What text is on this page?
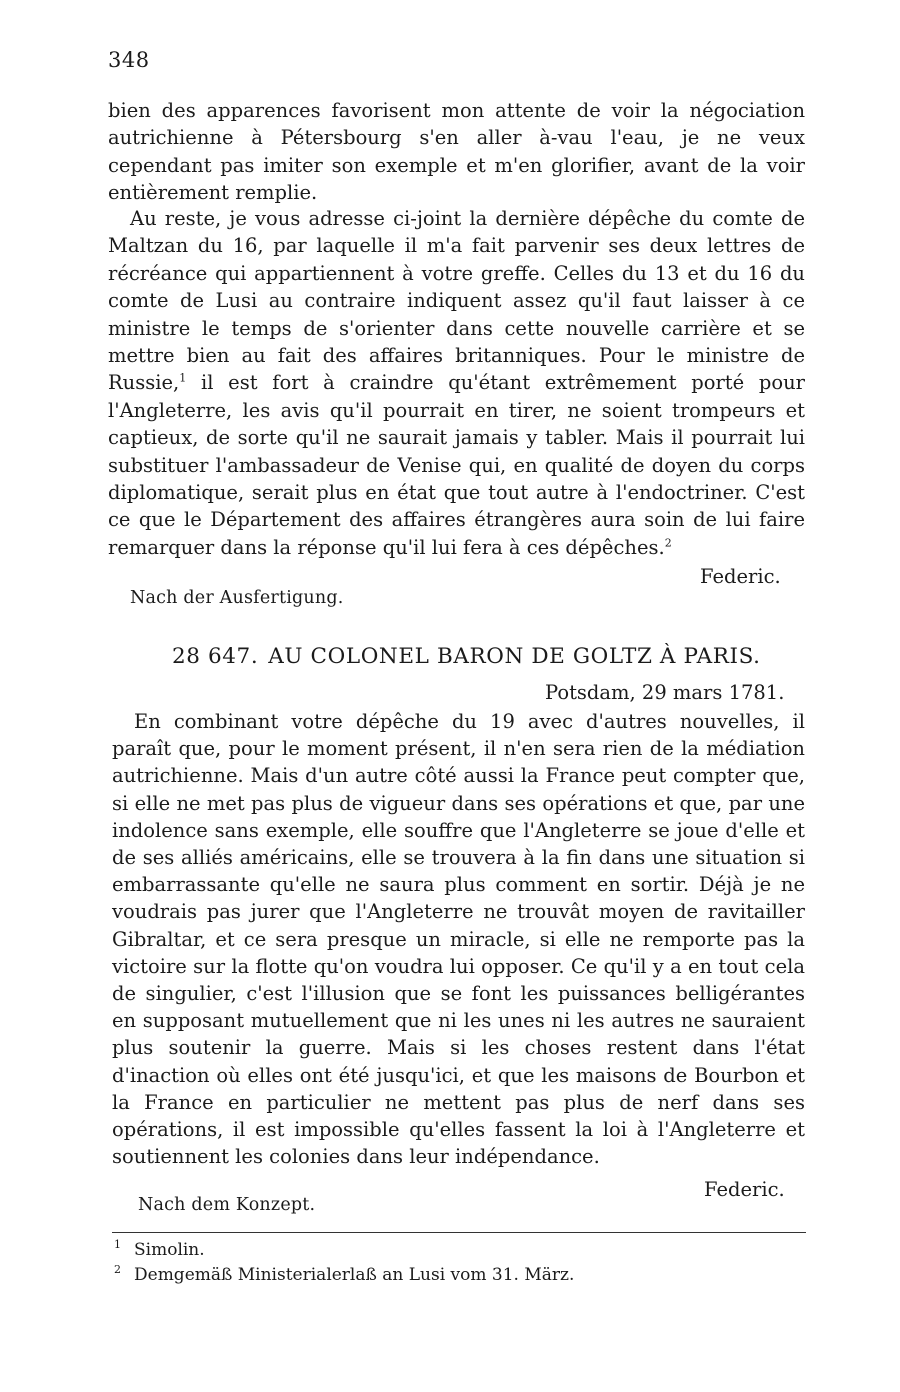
348
bien des apparences favorisent mon attente de voir la négociation autrichienne à Pétersbourg s'en aller à-vau l'eau, je ne veux cependant pas imiter son exemple et m'en glorifier, avant de la voir entièrement remplie.
Au reste, je vous adresse ci-joint la dernière dépêche du comte de Maltzan du 16, par laquelle il m'a fait parvenir ses deux lettres de récréance qui appartiennent à votre greffe. Celles du 13 et du 16 du comte de Lusi au contraire indiquent assez qu'il faut laisser à ce ministre le temps de s'orienter dans cette nouvelle carrière et se mettre bien au fait des affaires britanniques. Pour le ministre de Russie,$^1$ il est fort à craindre qu'étant extrêmement porté pour l'Angleterre, les avis qu'il pourrait en tirer, ne soient trompeurs et captieux, de sorte qu'il ne saurait jamais y tabler. Mais il pourrait lui substituer l'ambassadeur de Venise qui, en qualité de doyen du corps diplomatique, serait plus en état que tout autre à l'endoctriner. C'est ce que le Département des affaires étrangères aura soin de lui faire remarquer dans la réponse qu'il lui fera à ces dépêches.$^2$
Federic.
Nach der Ausfertigung.
28 647. AU COLONEL BARON DE GOLTZ À PARIS.
Potsdam, 29 mars 1781.
En combinant votre dépêche du 19 avec d'autres nouvelles, il paraît que, pour le moment présent, il n'en sera rien de la médiation autrichienne. Mais d'un autre côté aussi la France peut compter que, si elle ne met pas plus de vigueur dans ses opérations et que, par une indolence sans exemple, elle souffre que l'Angleterre se joue d'elle et de ses alliés américains, elle se trouvera à la fin dans une situation si embarrassante qu'elle ne saura plus comment en sortir. Déjà je ne voudrais pas jurer que l'Angleterre ne trouvât moyen de ravitailler Gibraltar, et ce sera presque un miracle, si elle ne remporte pas la victoire sur la flotte qu'on voudra lui opposer. Ce qu'il y a en tout cela de singulier, c'est l'illusion que se font les puissances belligérantes en supposant mutuellement que ni les unes ni les autres ne sauraient plus soutenir la guerre. Mais si les choses restent dans l'état d'inaction où elles ont été jusqu'ici, et que les maisons de Bourbon et la France en particulier ne mettent pas plus de nerf dans ses opérations, il est impossible qu'elles fassent la loi à l'Angleterre et soutiennent les colonies dans leur indépendance.
Federic.
Nach dem Konzept.
1 Simolin.
2 Demgemäß Ministerialerlaß an Lusi vom 31. März.
